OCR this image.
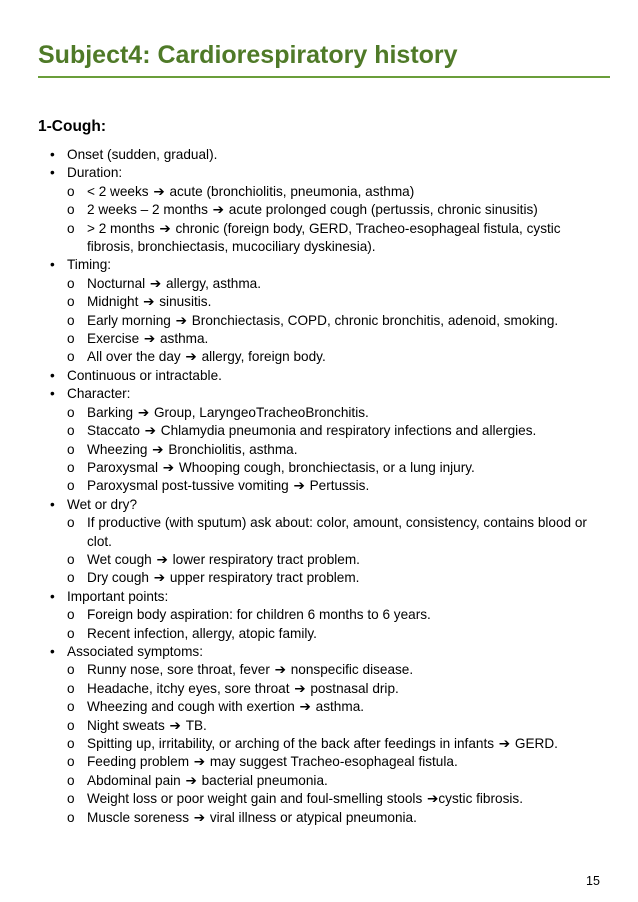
Subject4: Cardiorespiratory history
1-Cough:
• Onset (sudden, gradual).
• Duration:
o < 2 weeks ➔ acute (bronchiolitis, pneumonia, asthma)
o 2 weeks – 2 months ➔ acute prolonged cough (pertussis, chronic sinusitis)
o > 2 months ➔ chronic (foreign body, GERD, Tracheo-esophageal fistula, cystic fibrosis, bronchiectasis, mucociliary dyskinesia).
• Timing:
o Nocturnal ➔ allergy, asthma.
o Midnight ➔ sinusitis.
o Early morning ➔ Bronchiectasis, COPD, chronic bronchitis, adenoid, smoking.
o Exercise ➔ asthma.
o All over the day ➔ allergy, foreign body.
• Continuous or intractable.
• Character:
o Barking ➔ Group, LaryngeoTracheoBronchitis.
o Staccato ➔ Chlamydia pneumonia and respiratory infections and allergies.
o Wheezing ➔ Bronchiolitis, asthma.
o Paroxysmal ➔ Whooping cough, bronchiectasis, or a lung injury.
o Paroxysmal post-tussive vomiting ➔ Pertussis.
• Wet or dry?
o If productive (with sputum) ask about: color, amount, consistency, contains blood or clot.
o Wet cough ➔ lower respiratory tract problem.
o Dry cough ➔ upper respiratory tract problem.
• Important points:
o Foreign body aspiration: for children 6 months to 6 years.
o Recent infection, allergy, atopic family.
• Associated symptoms:
o Runny nose, sore throat, fever ➔ nonspecific disease.
o Headache, itchy eyes, sore throat ➔ postnasal drip.
o Wheezing and cough with exertion ➔ asthma.
o Night sweats ➔ TB.
o Spitting up, irritability, or arching of the back after feedings in infants ➔ GERD.
o Feeding problem ➔ may suggest Tracheo-esophageal fistula.
o Abdominal pain ➔ bacterial pneumonia.
o Weight loss or poor weight gain and foul-smelling stools ➔cystic fibrosis.
o Muscle soreness ➔ viral illness or atypical pneumonia.
15
